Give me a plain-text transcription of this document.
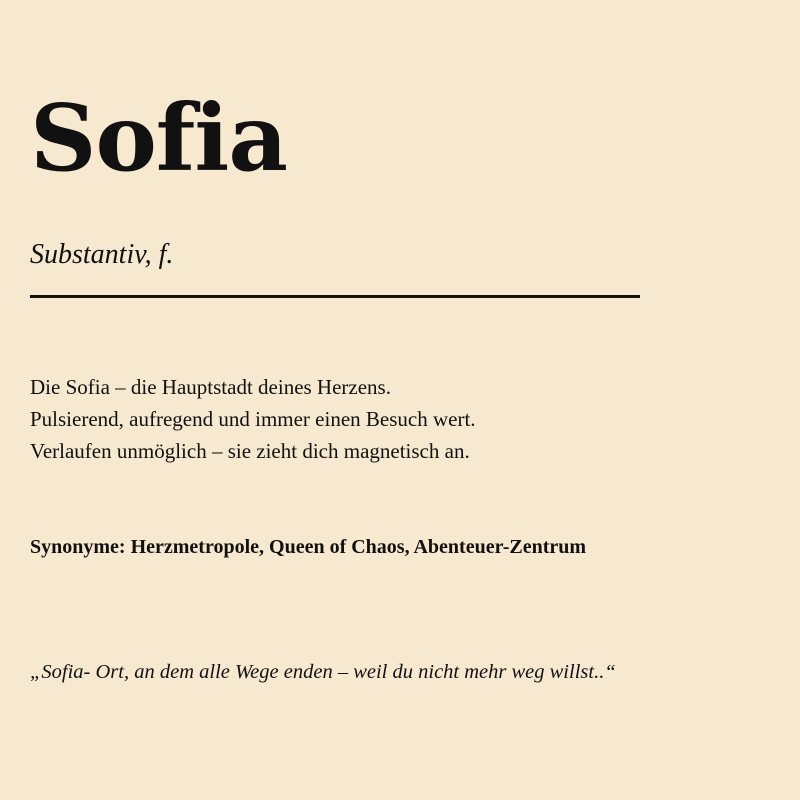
Sofia
Substantiv, f.
Die Sofia – die Hauptstadt deines Herzens.
Pulsierend, aufregend und immer einen Besuch wert.
Verlaufen unmöglich – sie zieht dich magnetisch an.
Synonyme: Herzmetropole, Queen of Chaos, Abenteuer-Zentrum
„Sofia- Ort, an dem alle Wege enden – weil du nicht mehr weg willst..“
